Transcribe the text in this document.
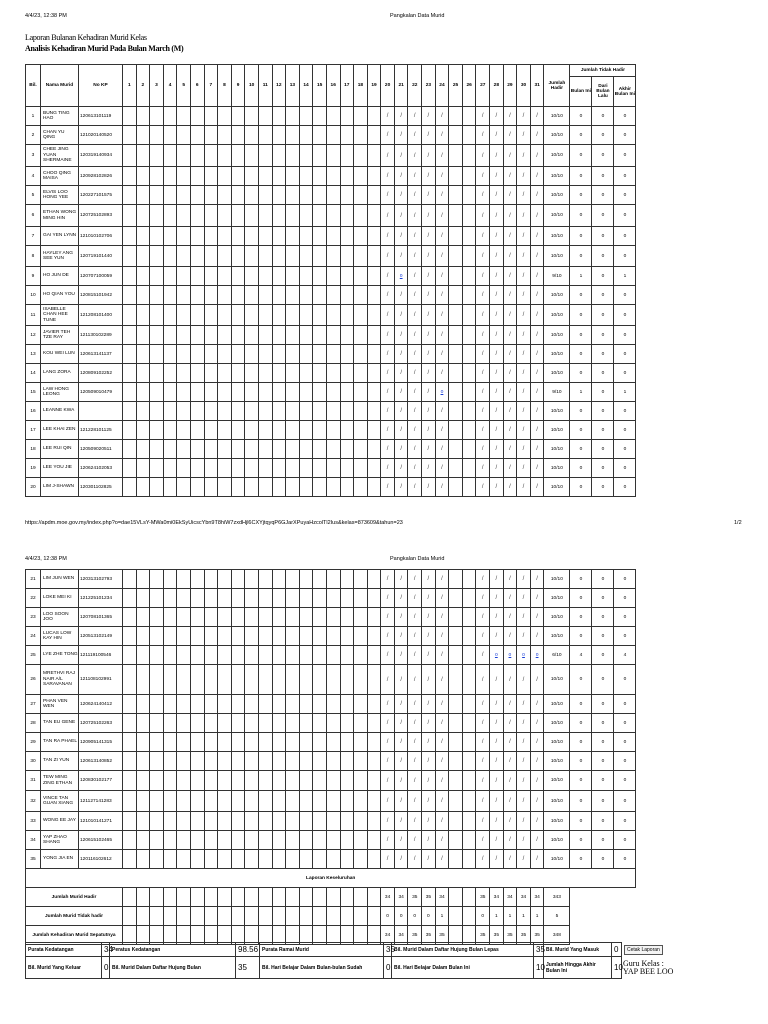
4/4/23, 12:38 PM	Pangkalan Data Murid
Laporan Bulanan Kehadiran Murid Kelas
Analisis Kehadiran Murid Pada Bulan March (M)
Bil.	Nama Murid	No KP	1	2	3	4	5	6	7	8	9	10	11	12	13	14	15	16	17	18	19	20	21	22	23	24	25	26	27	28	29	30	31	Jumlah Hadir	Jumlah Tidak Hadir		
																																			Bulan Ini	Dari Bulan Lalu	Akhir Bulan Ini
1	BUNG TING HAO	120613101119																				/	/	/	/	/			/	/	/	/	/	10/10	0	0	0
2	CHAN YU QING	121020140520																				/	/	/	/	/			/	/	/	/	/	10/10	0	0	0
3	CHEE JING YUAN SHERMAINE	120319140934																				/	/	/	/	/			/	/	/	/	/	10/10	0	0	0
4	CHOO QING MAISA	120928102826																				/	/	/	/	/			/	/	/	/	/	10/10	0	0	0
5	ELVIS LOO HONG YEE	120227101575																				/	/	/	/	/			/	/	/	/	/	10/10	0	0	0
6	ETHAN WONG MING HIN	120725102893																				/	/	/	/	/			/	/	/	/	/	10/10	0	0	0
7	GAI YEN LYNN	121010102706																				/	/	/	/	/			/	/	/	/	/	10/10	0	0	0
8	HAYLEY ANG SEE YUN	120719101440																				/	/	/	/	/			/	/	/	/	/	10/10	0	0	0
9	HO JUN DE	120707100059																				/	o	/	/	/			/	/	/	/	/	9/10	1	0	1
10	HO QIAN YOU	120815101942																				/	/	/	/	/			/	/	/	/	/	10/10	0	0	0
11	ISABELLE CHAN HEE TUNE	121208101400																				/	/	/	/	/			/	/	/	/	/	10/10	0	0	0
12	JAVIER TEH TZE RAY	121130102289																				/	/	/	/	/			/	/	/	/	/	10/10	0	0	0
13	KOU WEI LUN	120613141137																				/	/	/	/	/			/	/	/	/	/	10/10	0	0	0
14	LANG ZORA	120809102252																				/	/	/	/	/			/	/	/	/	/	10/10	0	0	0
15	LAW HONG LEONG	120509010479																				/	/	/	/	o			/	/	/	/	/	9/10	1	0	1
16	LEANNE KWA																					/	/	/	/	/			/	/	/	/	/	10/10	0	0	0
17	LEE KHAI ZEN	121228101125																				/	/	/	/	/			/	/	/	/	/	10/10	0	0	0
18	LEE RUI QIN	120509020511																				/	/	/	/	/			/	/	/	/	/	10/10	0	0	0
19	LEE YOU JIE	120624102053																				/	/	/	/	/			/	/	/	/	/	10/10	0	0	0
20	LIM J-SHAWN	120301102825																				/	/	/	/	/			/	/	/	/	/	10/10	0	0	0
https://apdm.moe.gov.my/index.php?o=dae15VLsY-MWa0mi0EkSyUicscYbn9T8hiW7zxdHjl6CXYjtqyqP6GJarXPuyaHzcolTl2Ius&kelas=873609&tahun=23	1/2
4/4/23, 12:38 PM	Pangkalan Data Murid
21	LIM JUN WEN	120313102793																				/	/	/	/	/			/	/	/	/	/	10/10	0	0	0
22	LOKE MEI KI	121225101234																				/	/	/	/	/			/	/	/	/	/	10/10	0	0	0
23	LOO SOON JOO	120708101365																				/	/	/	/	/			/	/	/	/	/	10/10	0	0	0
24	LUCAS LOW KAY HIN	120513102149																				/	/	/	/	/			/	/	/	/	/	10/10	0	0	0
25	LYE ZHE TONG	121119100546																				/	/	/	/	/			/	o	o	o	o	6/10	4	0	4
26	MRETHVI RAJ NAIR A/L SARAVANAN	121108102991																				/	/	/	/	/			/	/	/	/	/	10/10	0	0	0
27	PHAN VEN WEN	120624140412																				/	/	/	/	/			/	/	/	/	/	10/10	0	0	0
28	TAN EU GENE	120725102263																				/	/	/	/	/			/	/	/	/	/	10/10	0	0	0
29	TAN RA PHAEL	120905141315																				/	/	/	/	/			/	/	/	/	/	10/10	0	0	0
30	TAN ZI YUN	120613140852																				/	/	/	/	/			/	/	/	/	/	10/10	0	0	0
31	TEW MING ZING ETHAN	120830102177																				/	/	/	/	/			/	/	/	/	/	10/10	0	0	0
32	VINCE TAN GUAN XIANG	121127141283																				/	/	/	/	/			/	/	/	/	/	10/10	0	0	0
33	WONG EE JAY	121010141271																				/	/	/	/	/			/	/	/	/	/	10/10	0	0	0
34	YAP ZHAO SHANG	120615102465																				/	/	/	/	/			/	/	/	/	/	10/10	0	0	0
35	YONG JIA EN	120116102612																				/	/	/	/	/			/	/	/	/	/	10/10	0	0	0
Laporan Keseluruhan																																					
Jumlah Murid Hadir																						34	34	35	35	34			35	34	34	34	34	343			
Jumlah Murid Tidak hadir																						0	0	0	0	1			0	1	1	1	1	5			
Jumlah Kehadiran Murid Sepatutnya																						34	34	35	35	35			35	35	35	35	35	348			
Purata Kedatangan	34	Peratus Kedatangan	98.56	Purata Ramai Murid	35	Bil. Murid Dalam Daftar Hujung Bulan Lepas	35	Bil. Murid Yang Masuk	0	Cetak Laporan
Bil. Murid Yang Keluar	0	Bil. Murid Dalam Daftar Hujung Bulan	35	Bil. Hari Belajar Dalam Bulan-bulan Sudah	0	Bil. Hari Belajar Dalam Bulan Ini	10	Jumlah Hingga Akhir Bulan Ini	10	Guru Kelas :
YAP BEE LOO
